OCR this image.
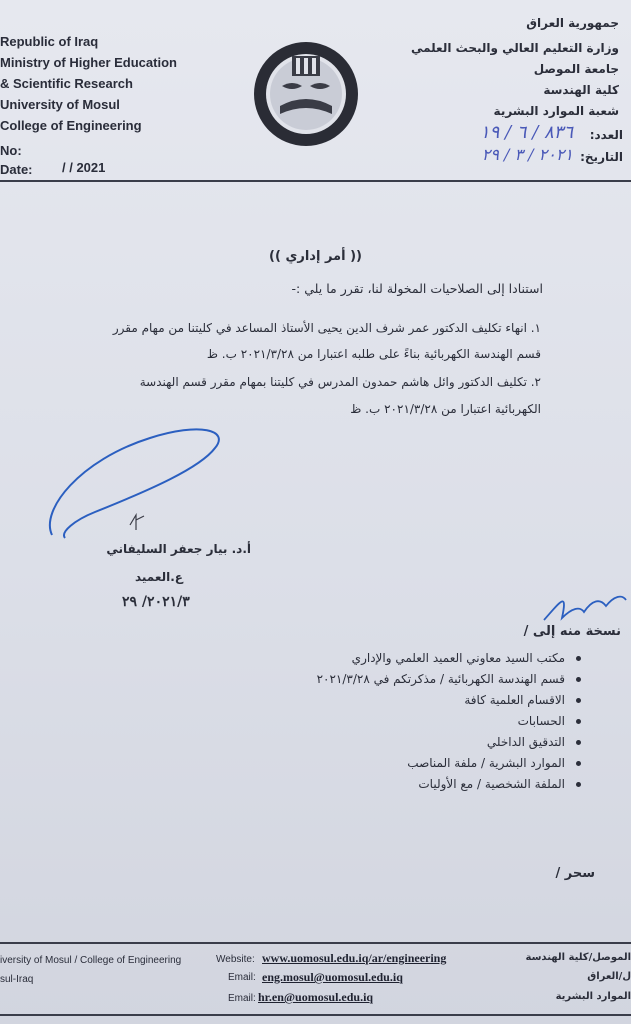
Republic of Iraq
Ministry of Higher Education
& Scientific Research
University of Mosul
College of Engineering
No:
Date: / / 2021
جمهورية العراق
وزارة التعليم العالي والبحث العلمي
جامعة الموصل
كلية الهندسة
شعبة الموارد البشرية
العدد:
٨٣٦ / ٦ / ١٩
التاريخ:
٢٠٢١ / ٣ / ٢٩
(( أمر إداري ))
استنادا إلى الصلاحيات المخولة لنا، تقرر ما يلي :-
١. انهاء تكليف الدكتور عمر شرف الدين يحيى الأستاذ المساعد في كليتنا من مهام مقرر
قسم الهندسة الكهربائية بناءً على طلبه اعتبارا من ٢٠٢١/٣/٢٨ ب. ظ
٢. تكليف الدكتور وائل هاشم حمدون المدرس في كليتنا بمهام مقرر قسم الهندسة
الكهربائية اعتبارا من ٢٠٢١/٣/٢٨ ب. ظ
أ.د. بيار جعفر السليفاني
ع.العميد
٢٠٢١/٣/ ٢٩
نسخة منه إلى /
مكتب السيد معاوني العميد العلمي والإداري
قسم الهندسة الكهربائية / مذكرتكم في ٢٠٢١/٣/٢٨
الاقسام العلمية كافة
الحسابات
التدقيق الداخلي
الموارد البشرية / ملفة المناصب
الملفة الشخصية / مع الأوليات
سحر /
iversity of Mosul / College of Engineering
sul-Iraq
Website: www.uomosul.edu.iq/ar/engineering
Email: eng.mosul@uomosul.edu.iq
Email: hr.en@uomosul.edu.iq
الموصل/كلية الهندسة
ل/العراق
الموارد البشرية
